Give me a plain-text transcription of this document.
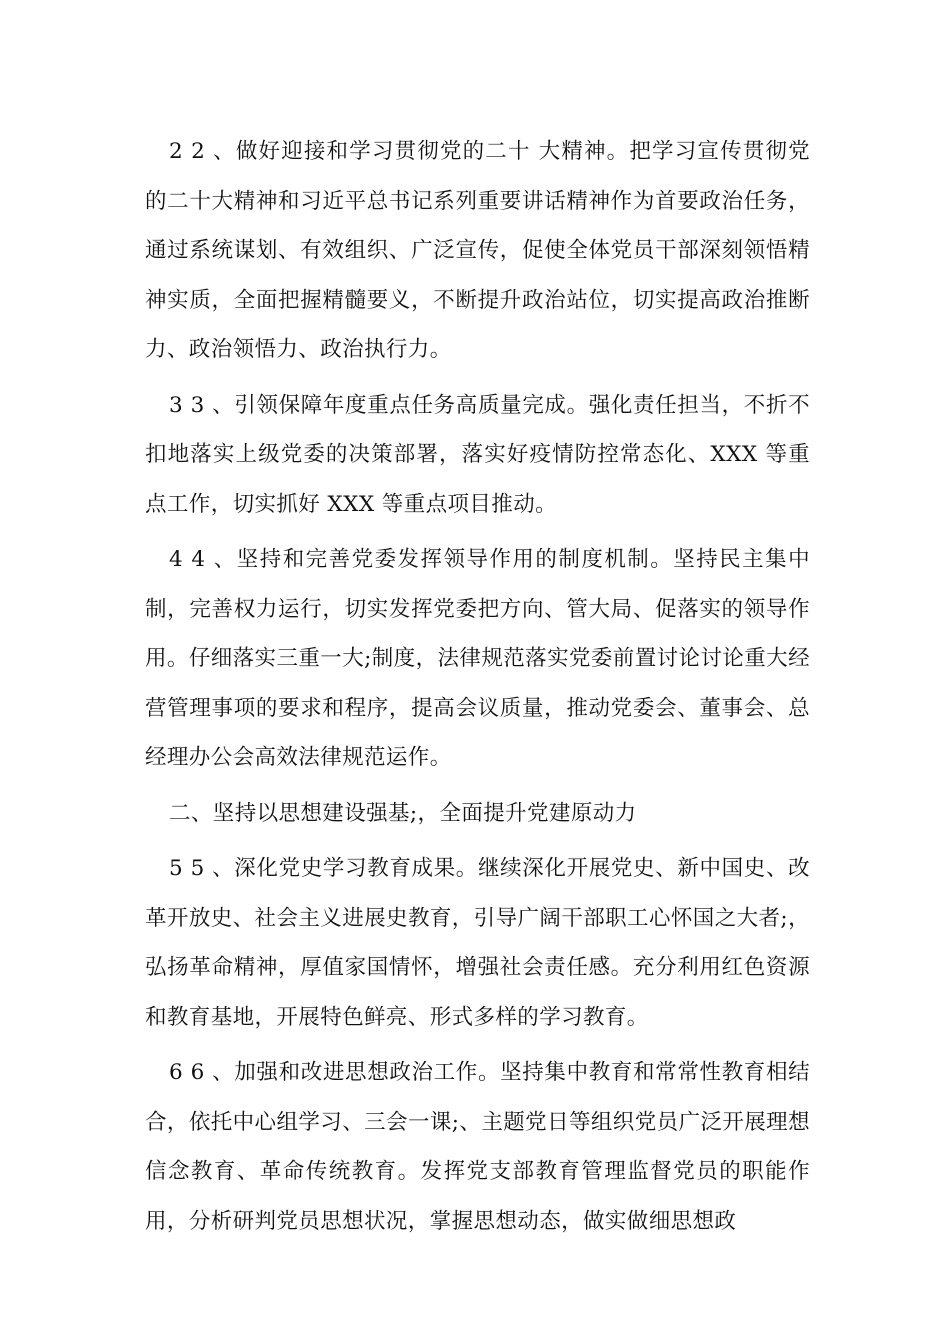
2 2 、做好迎接和学习贯彻党的二十 大精神。把学习宣传贯彻党的二十大精神和习近平总书记系列重要讲话精神作为首要政治任务，通过系统谋划、有效组织、广泛宣传，促使全体党员干部深刻领悟精神实质，全面把握精髓要义，不断提升政治站位，切实提高政治推断力、政治领悟力、政治执行力。

3 3 、引领保障年度重点任务高质量完成。强化责任担当，不折不扣地落实上级党委的决策部署，落实好疫情防控常态化、XXX 等重点工作，切实抓好 XXX 等重点项目推动。

4 4 、坚持和完善党委发挥领导作用的制度机制。坚持民主集中制，完善权力运行，切实发挥党委把方向、管大局、促落实的领导作用。仔细落实三重一大;制度，法律规范落实党委前置讨论讨论重大经营管理事项的要求和程序，提高会议质量，推动党委会、董事会、总经理办公会高效法律规范运作。

二、坚持以思想建设强基;，全面提升党建原动力

5 5 、深化党史学习教育成果。继续深化开展党史、新中国史、改革开放史、社会主义进展史教育，引导广阔干部职工心怀国之大者;，弘扬革命精神，厚值家国情怀，增强社会责任感。充分利用红色资源和教育基地，开展特色鲜亮、形式多样的学习教育。

6 6 、加强和改进思想政治工作。坚持集中教育和常常性教育相结合，依托中心组学习、三会一课;、主题党日等组织党员广泛开展理想信念教育、革命传统教育。发挥党支部教育管理监督党员的职能作用，分析研判党员思想状况，掌握思想动态，做实做细思想政
